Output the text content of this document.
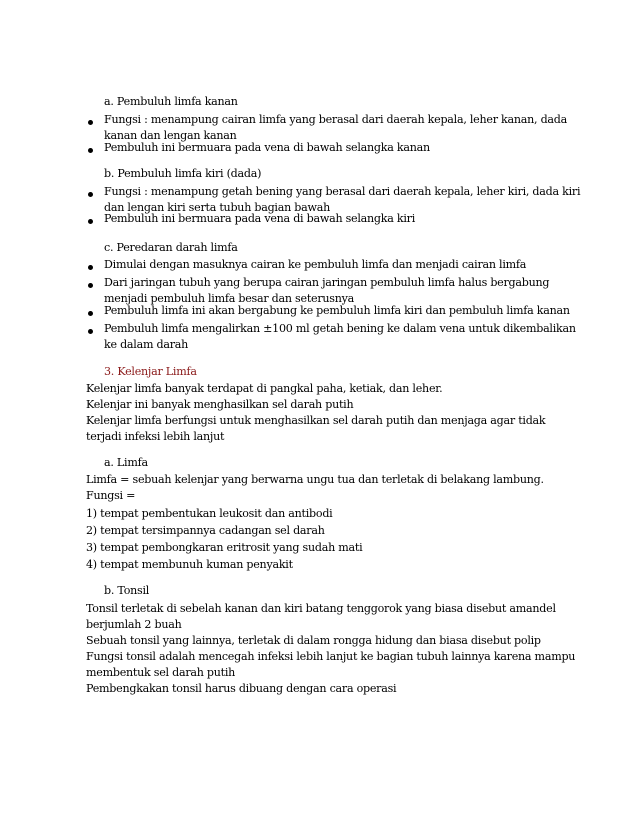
a. Pembuluh limfa kanan
Fungsi : menampung cairan limfa yang berasal dari daerah kepala, leher kanan, dada
kanan dan lengan kanan
Pembuluh ini bermuara pada vena di bawah selangka kanan
b. Pembuluh limfa kiri (dada)
Fungsi : menampung getah bening yang berasal dari daerah kepala, leher kiri, dada kiri
dan lengan kiri serta tubuh bagian bawah
Pembuluh ini bermuara pada vena di bawah selangka kiri
c. Peredaran darah limfa
Dimulai dengan masuknya cairan ke pembuluh limfa dan menjadi cairan limfa
Dari jaringan tubuh yang berupa cairan jaringan pembuluh limfa halus bergabung
menjadi pembuluh limfa besar dan seterusnya
Pembuluh limfa ini akan bergabung ke pembuluh limfa kiri dan pembuluh limfa kanan
Pembuluh limfa mengalirkan ±100 ml getah bening ke dalam vena untuk dikembalikan
ke dalam darah
3. Kelenjar Limfa
Kelenjar limfa banyak terdapat di pangkal paha, ketiak, dan leher.
Kelenjar ini banyak menghasilkan sel darah putih
Kelenjar limfa berfungsi untuk menghasilkan sel darah putih dan menjaga agar tidak
terjadi infeksi lebih lanjut
a. Limfa
Limfa = sebuah kelenjar yang berwarna ungu tua dan terletak di belakang lambung.
Fungsi =
1) tempat pembentukan leukosit dan antibodi
2) tempat tersimpannya cadangan sel darah
3) tempat pembongkaran eritrosit yang sudah mati
4) tempat membunuh kuman penyakit
b. Tonsil
Tonsil terletak di sebelah kanan dan kiri batang tenggorok yang biasa disebut amandel
berjumlah 2 buah
Sebuah tonsil yang lainnya, terletak di dalam rongga hidung dan biasa disebut polip
Fungsi tonsil adalah mencegah infeksi lebih lanjut ke bagian tubuh lainnya karena mampu
membentuk sel darah putih
Pembengkakan tonsil harus dibuang dengan cara operasi
